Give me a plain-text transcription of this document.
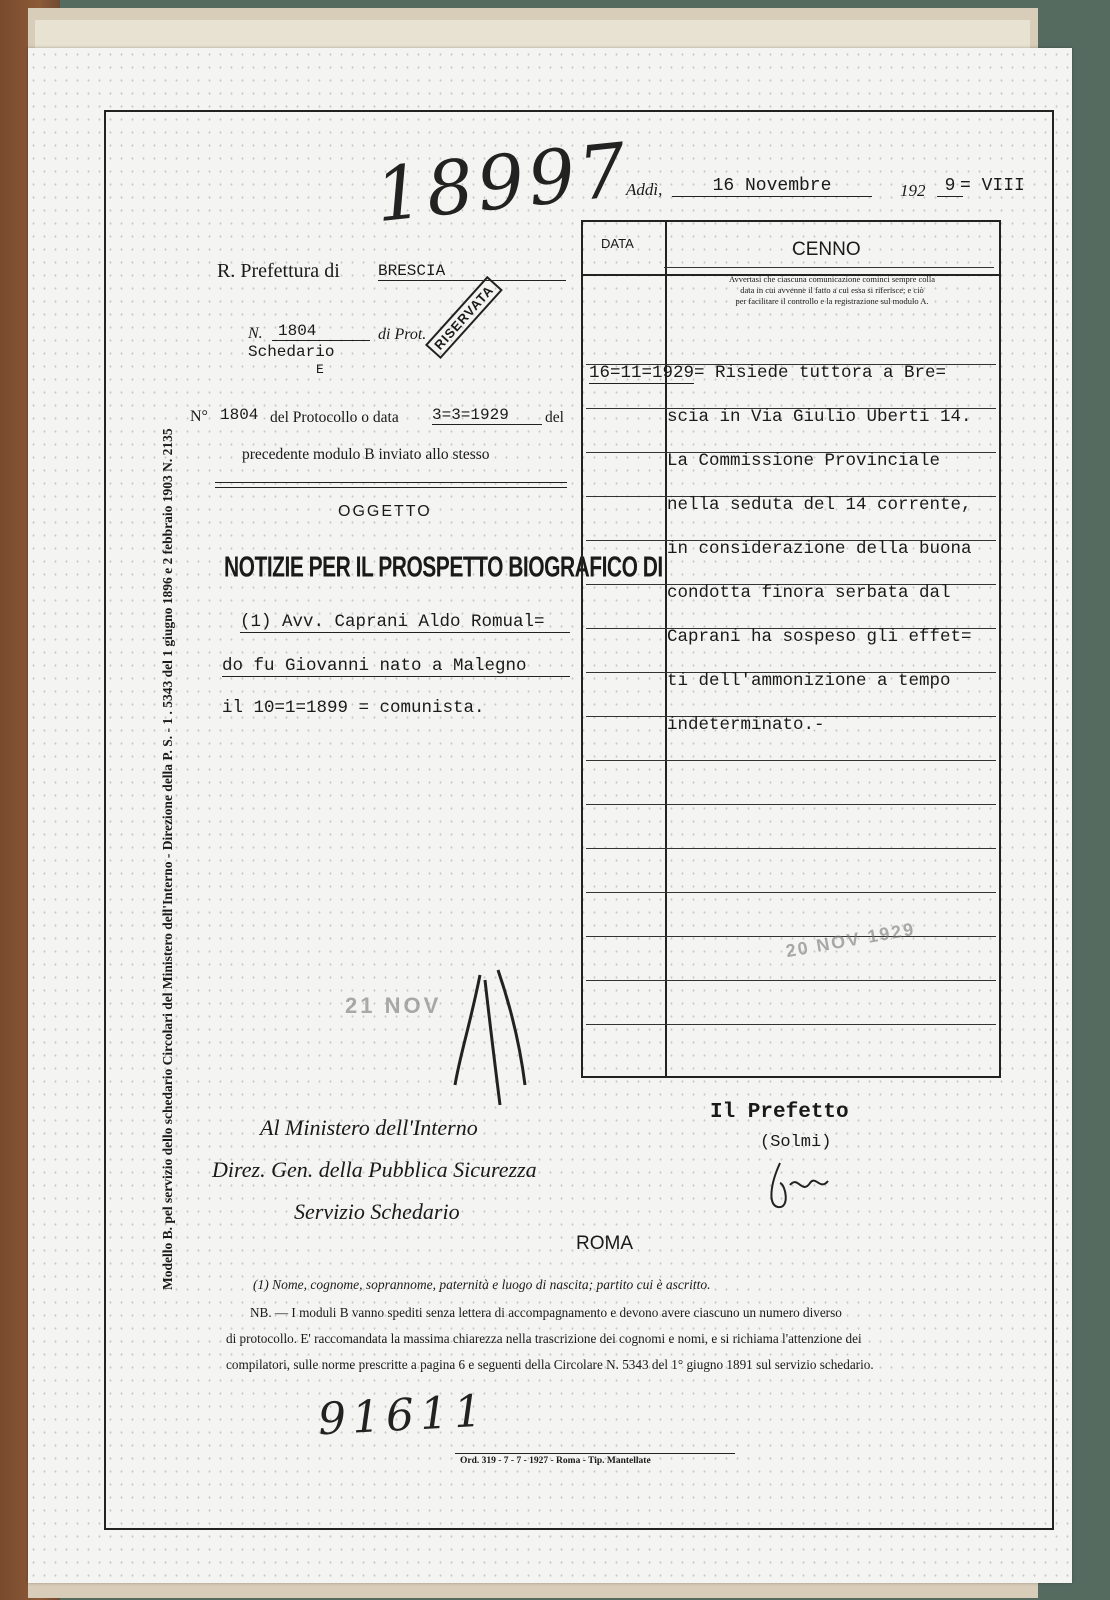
Modello B. pel servizio dello schedario Circolari del Ministero dell'Interno - Direzione della P. S. - 1 . 5343 del 1 giugno 1896 e 2 febbraio 1903 N. 2135
18997
Addì,	16 Novembre	192	9 = VIII
R. Prefettura di BRESCIA
N. 1804	di Prot.
Schedario
E
RISERVATA
N° 1804 del Protocollo o data 3=3=1929	del
precedente modulo B inviato allo stesso
OGGETTO
NOTIZIE PER IL PROSPETTO BIOGRAFICO DI
(1) Avv. Caprani Aldo Romual=
do fu Giovanni nato a Malegno
il 10=1=1899 = comunista.
DATA	CENNO
Avvertasi che ciascuna comunicazione cominci sempre colla
data in cui avvenne il fatto a cui essa si riferisce; e ciò
per facilitare il controllo e la registrazione sul modulo A.
16=11=1929 = Risiede tuttora a Bre=
scia in Via Giulio Uberti 14.
La Commissione Provinciale
nella seduta del 14 corrente,
in considerazione della buona
condotta finora serbata dal
Caprani ha sospeso gli effet=
ti dell'ammonizione a tempo
indeterminato.-
20 NOV 1929
21 NOV
Al Ministero dell'Interno
Direz. Gen. della Pubblica Sicurezza
Servizio Schedario
ROMA
Il Prefetto
(Solmi)
(1) Nome, cognome, soprannome, paternità e luogo di nascita; partito cui è ascritto.
NB. — I moduli B vanno spediti senza lettera di accompagnamento e devono avere ciascuno un numero diverso
di protocollo. E' raccomandata la massima chiarezza nella trascrizione dei cognomi e nomi, e si richiama l'attenzione dei
compilatori, sulle norme prescritte a pagina 6 e seguenti della Circolare N. 5343 del 1° giugno 1891 sul servizio schedario.
91611
Ord. 319 - 7 - 7 - 1927 - Roma - Tip. Mantellate
